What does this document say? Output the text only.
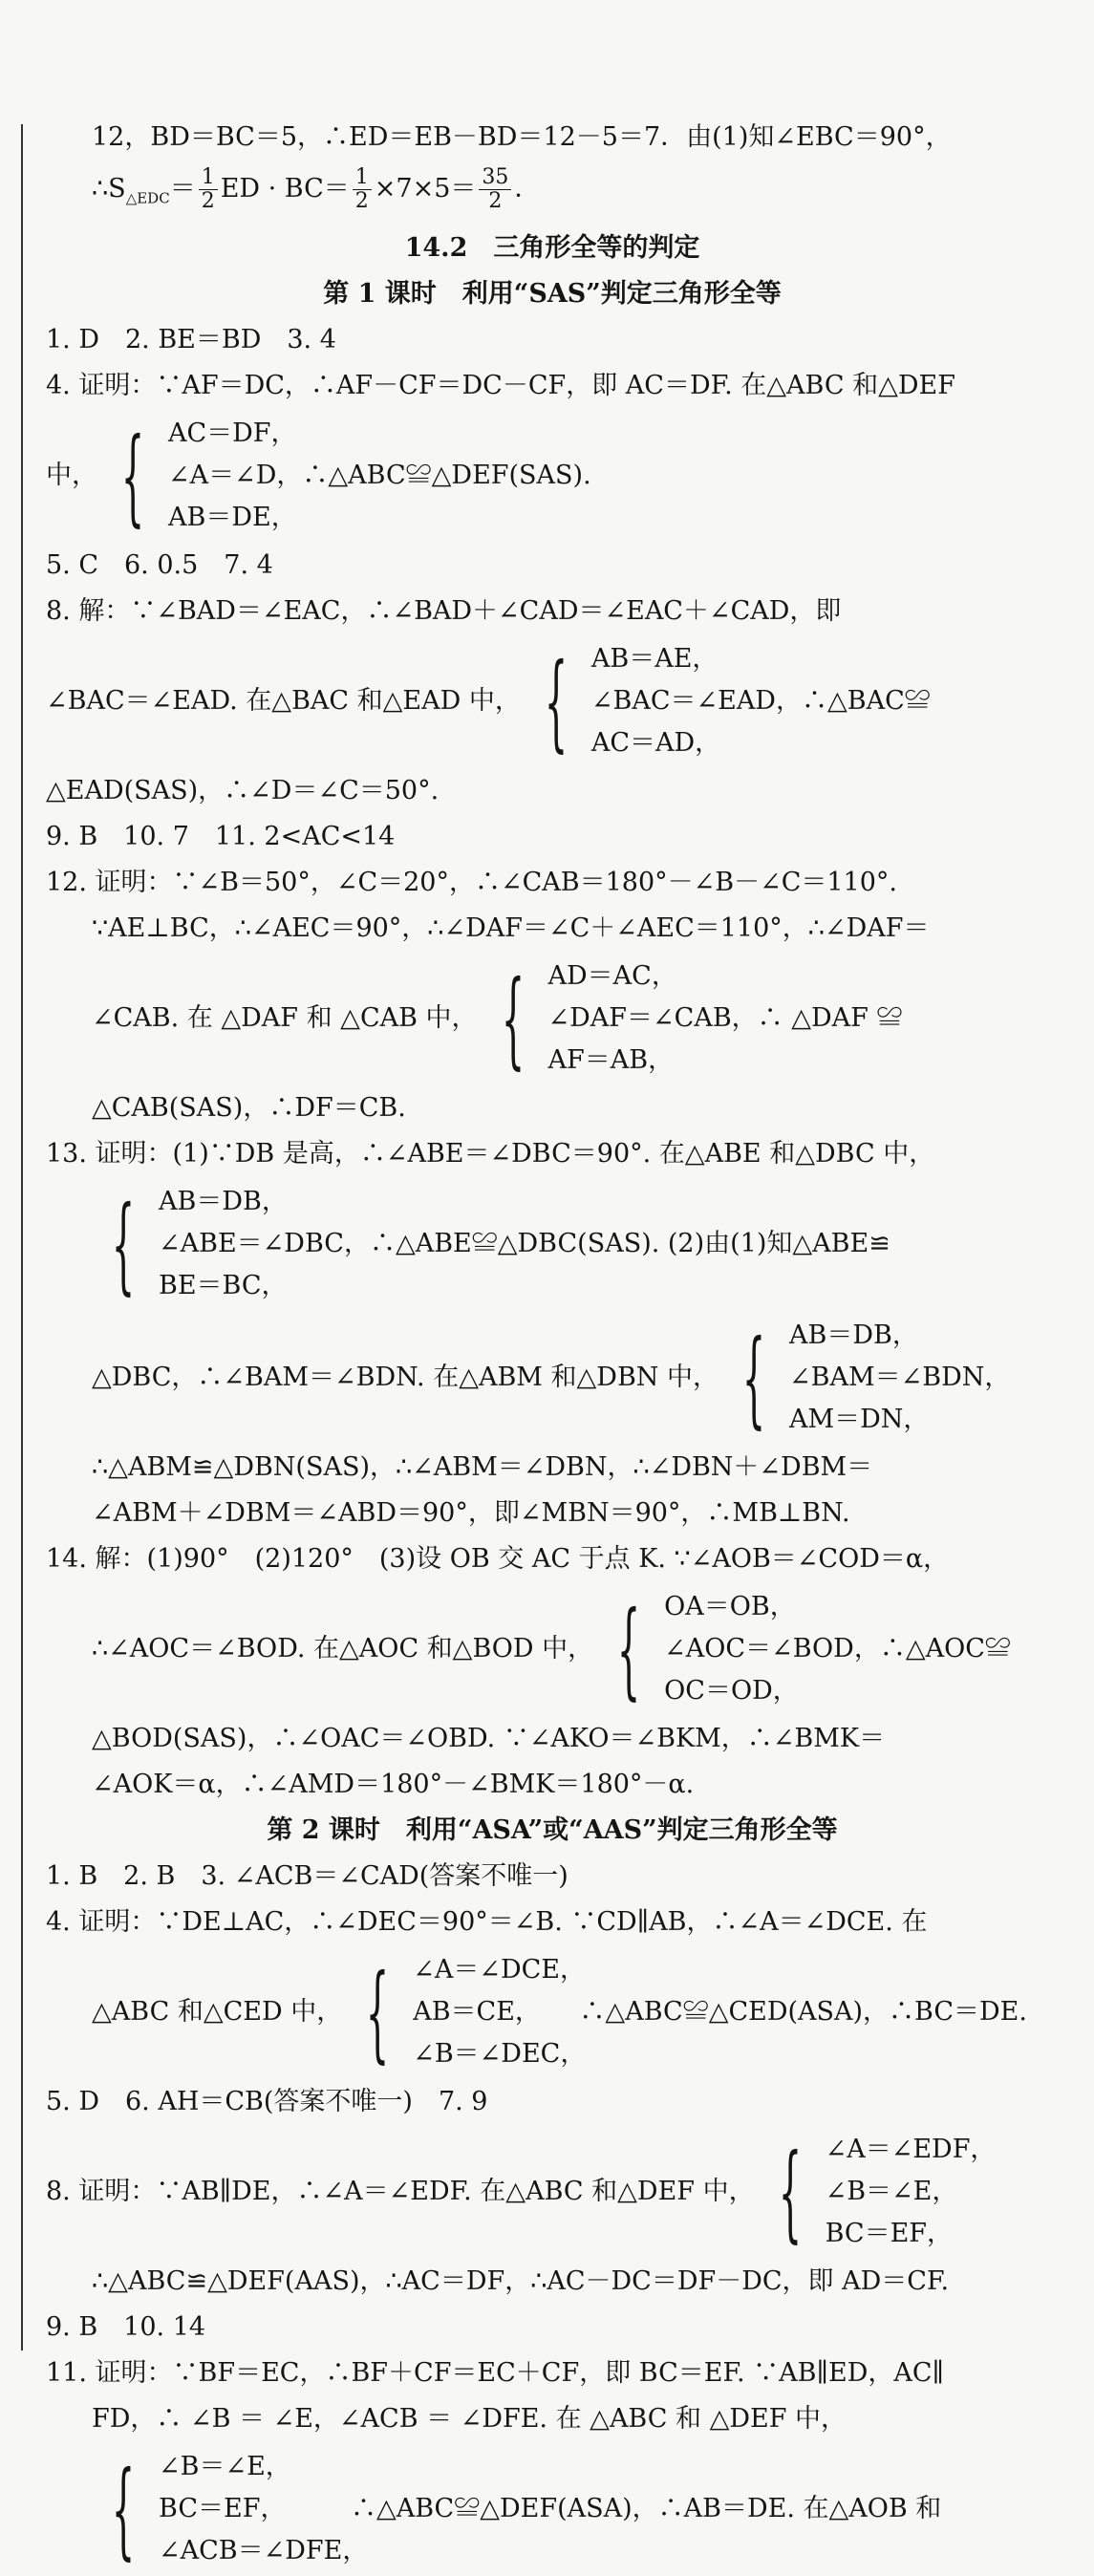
12，BD＝BC＝5，∴ED＝EB－BD＝12－5＝7．由(1)知∠EBC＝90°，
$\therefore S_{\triangle EDC}= \frac{1}{2}$ ED · $BC= \frac{1}{2} \times 7\times 5= \frac{35}{2}$ ．
14.2　三角形全等的判定
第 1 课时　利用“SAS”判定三角形全等
1. D　2. BE＝BD　3. 4
4. 证明：∵AF＝DC，∴AF－CF＝DC－CF，即 AC＝DF. 在△ABC 和△DEF
中， { AC＝DF，
∠A＝∠D，∴△ABC≌△DEF(SAS).
AB＝DE，
5. C　6. 0.5　7. 4
8. 解：∵∠BAD＝∠EAC，∴∠BAD＋∠CAD＝∠EAC＋∠CAD，即
∠BAC＝∠EAD. 在△BAC 和△EAD 中， { AB＝AE，
∠BAC＝∠EAD，∴△BAC≌
AC＝AD，
△EAD(SAS)，∴∠D＝∠C＝50°.
9. B　10. 7　11. 2<AC<14
12. 证明：∵∠B＝50°，∠C＝20°，∴∠CAB＝180°－∠B－∠C＝110°.
∵AE⊥BC，∴∠AEC＝90°，∴∠DAF＝∠C＋∠AEC＝110°，∴∠DAF＝
∠CAB. 在 △DAF 和 △CAB 中， { AD＝AC，
∠DAF＝∠CAB，∴ △DAF ≌
AF＝AB，
△CAB(SAS)，∴DF＝CB.
13. 证明：(1)∵DB 是高，∴∠ABE＝∠DBC＝90°. 在△ABE 和△DBC 中，
{ AB＝DB，
∠ABE＝∠DBC，∴△ABE≌△DBC(SAS). (2)由(1)知△ABE≌
BE＝BC，
△DBC，∴∠BAM＝∠BDN. 在△ABM 和△DBN 中， { AB＝DB，
∠BAM＝∠BDN，
AM＝DN，
∴△ABM≌△DBN(SAS)，∴∠ABM＝∠DBN，∴∠DBN＋∠DBM＝
∠ABM＋∠DBM＝∠ABD＝90°，即∠MBN＝90°，∴MB⊥BN.
14. 解：(1)90°　(2)120°　(3)设 OB 交 AC 于点 K. ∵∠AOB＝∠COD＝α，
∴∠AOC＝∠BOD. 在△AOC 和△BOD 中， { OA＝OB，
∠AOC＝∠BOD，∴△AOC≌
OC＝OD，
△BOD(SAS)，∴∠OAC＝∠OBD. ∵∠AKO＝∠BKM，∴∠BMK＝
∠AOK＝α，∴∠AMD＝180°－∠BMK＝180°－α.
第 2 课时　利用“ASA”或“AAS”判定三角形全等
1. B　2. B　3. ∠ACB＝∠CAD(答案不唯一)
4. 证明：∵DE⊥AC，∴∠DEC＝90°＝∠B. ∵CD∥AB，∴∠A＝∠DCE. 在
△ABC 和△CED 中， { ∠A＝∠DCE，
AB＝CE，　　∴△ABC≌△CED(ASA)，∴BC＝DE.
∠B＝∠DEC，
5. D　6. AH＝CB(答案不唯一)　7. 9
8. 证明：∵AB∥DE，∴∠A＝∠EDF. 在△ABC 和△DEF 中， { ∠A＝∠EDF，
∠B＝∠E，
BC＝EF，
∴△ABC≌△DEF(AAS)，∴AC＝DF，∴AC－DC＝DF－DC，即 AD＝CF.
9. B　10. 14
11. 证明：∵BF＝EC，∴BF＋CF＝EC＋CF，即 BC＝EF. ∵AB∥ED，AC∥
FD，∴ ∠B ＝ ∠E，∠ACB ＝ ∠DFE. 在 △ABC 和 △DEF 中，
{ ∠B＝∠E，
BC＝EF，　　　∴△ABC≌△DEF(ASA)，∴AB＝DE. 在△AOB 和
∠ACB＝∠DFE，
